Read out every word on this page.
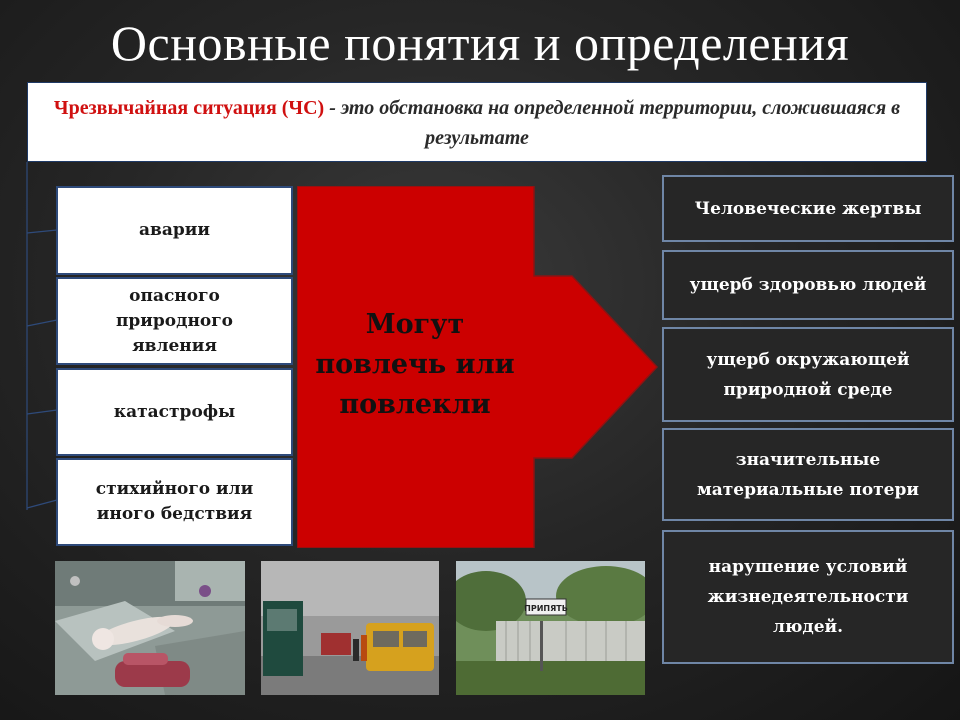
Основные понятия и определения
Чрезвычайная ситуация (ЧС) - это обстановка на определенной территории, сложившаяся в результате
аварии
опасного природного явления
катастрофы
стихийного или иного бедствия
Могут повлечь или повлекли
Человеческие жертвы
ущерб здоровью людей
ущерб окружающей природной среде
значительные материальные потери
нарушение условий жизнедеятельности людей.
ПРИПЯТЬ
